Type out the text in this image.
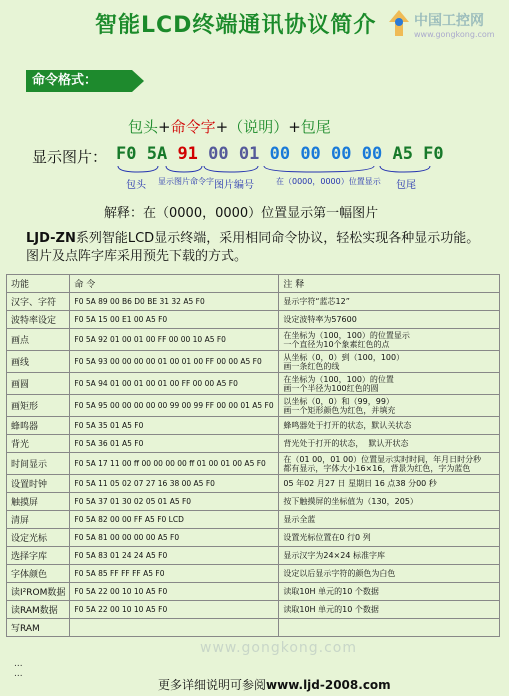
智能LCD终端通讯协议简介	中国工控网
www.gongkong.com
命令格式：
包头+命令字+（说明）+包尾
显示图片： F0 5A 91 00 01 00 00 00 00 A5 F0
包头 显示图片命令字 图片编号	在（0000，0000）位置显示 包尾
解释：在（0000，0000）位置显示第一幅图片
LJD-ZN系列智能LCD显示终端，采用相同命令协议，轻松实现各种显示功能。图片及点阵字库采用预先下载的方式。
功能	命 令	注 释
汉字、字符	F0 5A 89 00 B6 D0 BE 31 32 A5 F0	显示字符“蓝芯12”
波特率设定	F0 5A 15 00 E1 00 A5 F0	设定波特率为57600
画点	F0 5A 92 01 00 01 00 FF 00 00 10 A5 F0	在坐标为（100，100）的位置显示
一个直径为10个象素红色的点
画线	F0 5A 93 00 00 00 00 01 00 01 00 FF 00 00 A5 F0	从坐标（0，0）到（100，100）
画一条红色的线
画圆	F0 5A 94 01 00 01 00 01 00 FF 00 00 A5 F0	在坐标为（100，100）的位置
画一个半径为100红色的圆
画矩形	F0 5A 95 00 00 00 00 00 99 00 99 FF 00 00 01 A5 F0	以坐标（0，0）和（99，99）
画一个矩形颜色为红色，并填充
蜂鸣器	F0 5A 35 01 A5 F0	蜂鸣器处于打开的状态，默认关状态
背光	F0 5A 36 01 A5 F0	背光处于打开的状态，  默认开状态
时间显示	F0 5A 17 11 00 ff 00 00 00 00 ff 01 00 01 00 A5 F0	在（01 00，01 00）位置显示实时时间，年月日时分秒
都有显示，字体大小16×16，背景为红色，字为蓝色
设置时钟	F0 5A 11 05 02 07 27 16 38 00 A5 F0	05 年02 月27 日 星期日 16 点38 分00 秒
触摸屏	F0 5A 37 01 30 02 05 01 A5 F0	按下触摸屏的坐标值为（130，205）
清屏	F0 5A 82 00 00 FF A5 F0 LCD	显示全蓝
设定光标	F0 5A 81 00 00 00 00 A5 F0	设置光标位置在0 行0 列
选择字库	F0 5A 83 01 24 24 A5 F0	显示汉字为24×24 标准字库
字体颜色	F0 5A 85 FF FF FF A5 F0	设定以后显示字符的颜色为白色
读I²ROM数据	F0 5A 22 00 10 10 A5 F0	读取10H 单元的10 个数据
读RAM数据	F0 5A 22 00 10 10 A5 F0	读取10H 单元的10 个数据
写RAM		
www.gongkong.com
...
...
更多详细说明可参阅www.ljd-2008.com
